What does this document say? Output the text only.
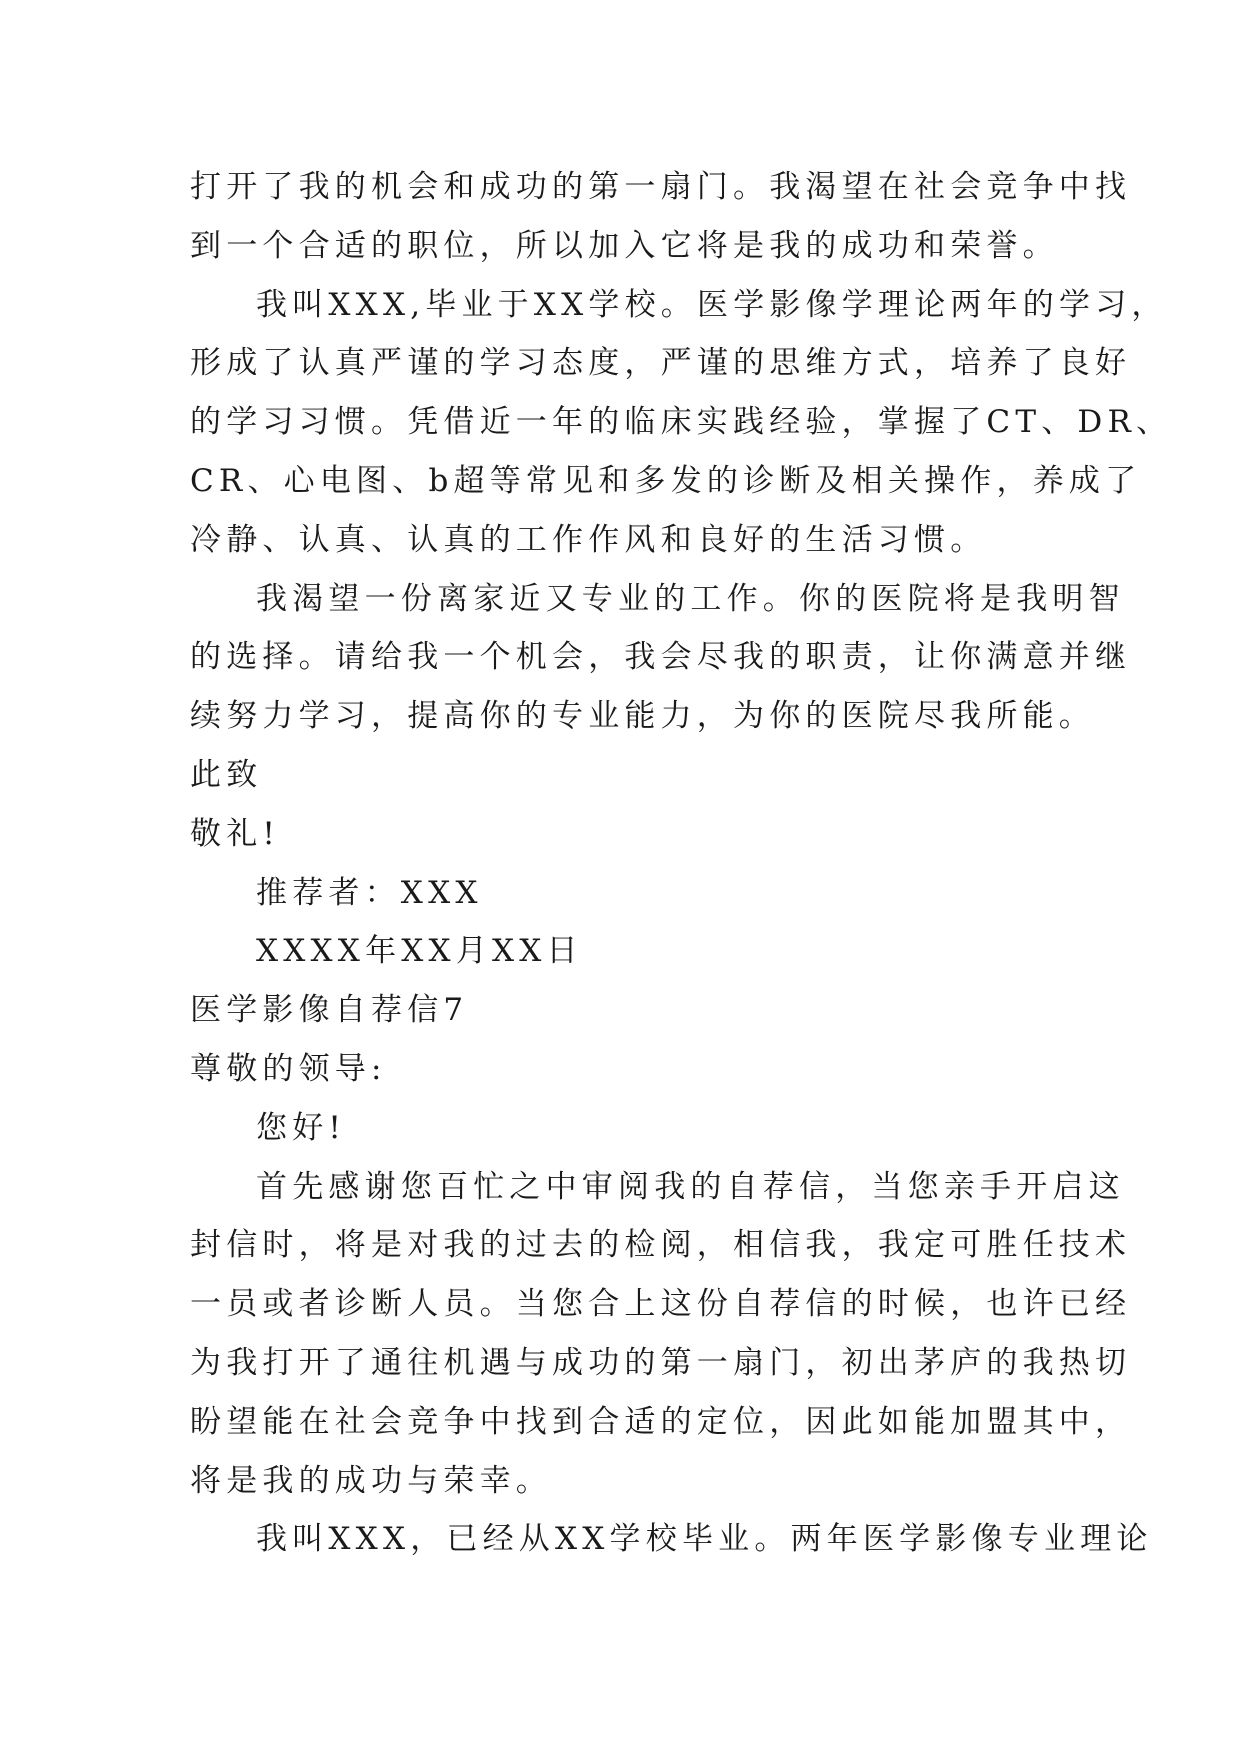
打开了我的机会和成功的第一扇门。我渴望在社会竞争中找
到一个合适的职位，所以加入它将是我的成功和荣誉。
我叫XXX,毕业于XX学校。医学影像学理论两年的学习，
形成了认真严谨的学习态度，严谨的思维方式，培养了良好
的学习习惯。凭借近一年的临床实践经验，掌握了CT、DR、
CR、心电图、b超等常见和多发的诊断及相关操作，养成了
冷静、认真、认真的工作作风和良好的生活习惯。
我渴望一份离家近又专业的工作。你的医院将是我明智
的选择。请给我一个机会，我会尽我的职责，让你满意并继
续努力学习，提高你的专业能力，为你的医院尽我所能。
此致
敬礼!
推荐者：XXX
XXXX年XX月XX日
医学影像自荐信7
尊敬的领导:
您好!
首先感谢您百忙之中审阅我的自荐信，当您亲手开启这
封信时，将是对我的过去的检阅，相信我，我定可胜任技术
一员或者诊断人员。当您合上这份自荐信的时候，也许已经
为我打开了通往机遇与成功的第一扇门，初出茅庐的我热切
盼望能在社会竞争中找到合适的定位，因此如能加盟其中，
将是我的成功与荣幸。
我叫XXX，已经从XX学校毕业。两年医学影像专业理论
